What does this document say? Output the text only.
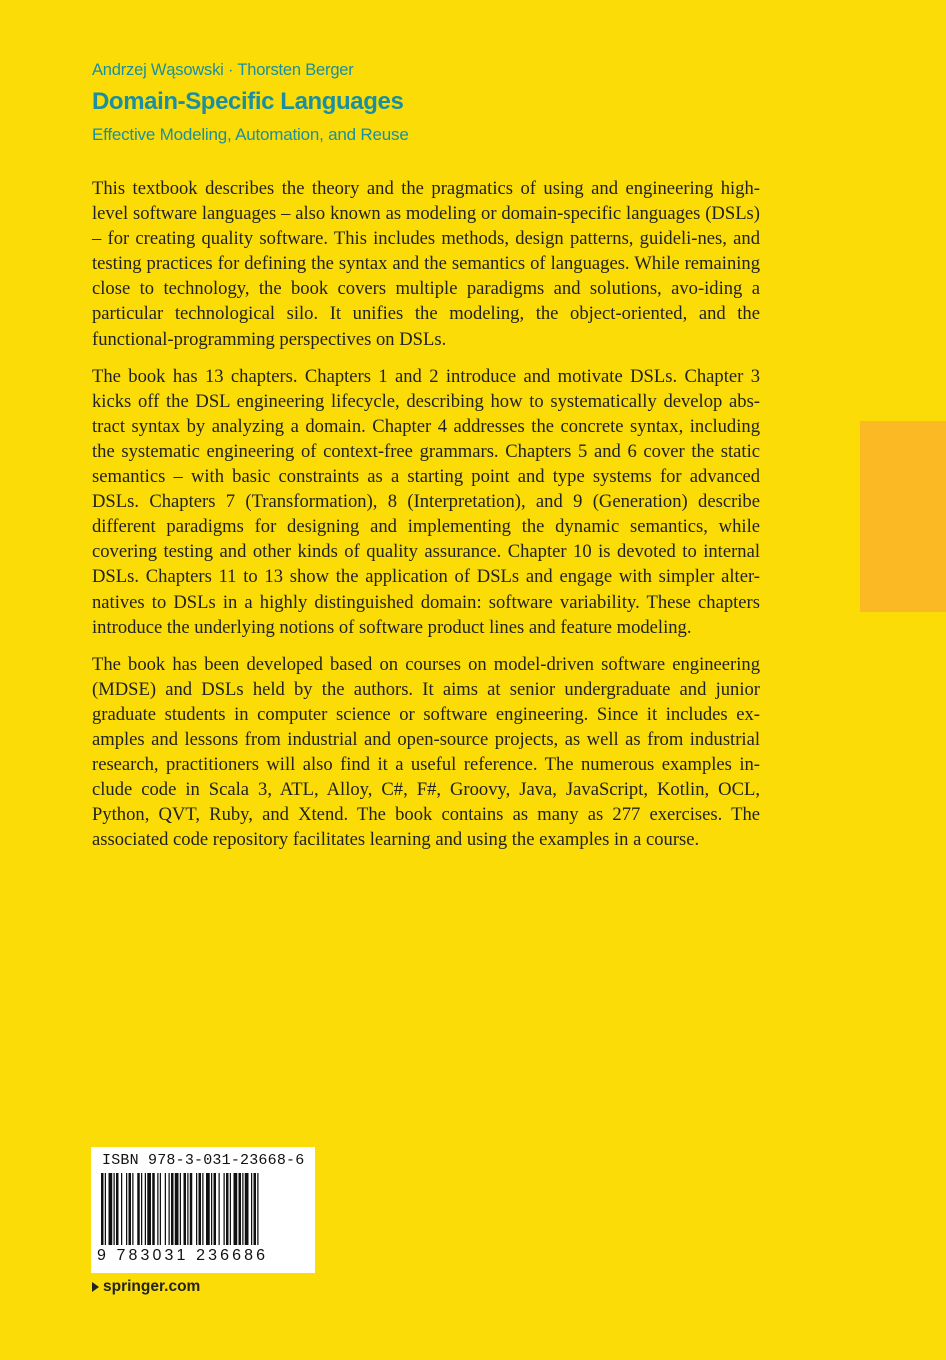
Andrzej Wąsowski · Thorsten Berger
Domain-Specific Languages
Effective Modeling, Automation, and Reuse

This textbook describes the theory and the pragmatics of using and engineering high-level software languages – also known as modeling or domain-specific languages (DSLs) – for creating quality software. This includes methods, design patterns, guideli-nes, and testing practices for defining the syntax and the semantics of languages. While remaining close to technology, the book covers multiple paradigms and solutions, avo-iding a particular technological silo. It unifies the modeling, the object-oriented, and the functional-programming perspectives on DSLs.

The book has 13 chapters. Chapters 1 and 2 introduce and motivate DSLs. Chapter 3 kicks off the DSL engineering lifecycle, describing how to systematically develop abs-tract syntax by analyzing a domain. Chapter 4 addresses the concrete syntax, including the systematic engineering of context-free grammars. Chapters 5 and 6 cover the static semantics – with basic constraints as a starting point and type systems for advanced DSLs. Chapters 7 (Transformation), 8 (Interpretation), and 9 (Generation) describe different paradigms for designing and implementing the dynamic semantics, while covering testing and other kinds of quality assurance. Chapter 10 is devoted to internal DSLs. Chapters 11 to 13 show the application of DSLs and engage with simpler alter-natives to DSLs in a highly distinguished domain: software variability. These chapters introduce the underlying notions of software product lines and feature modeling.

The book has been developed based on courses on model-driven software engineering (MDSE) and DSLs held by the authors. It aims at senior undergraduate and junior graduate students in computer science or software engineering. Since it includes ex-amples and lessons from industrial and open-source projects, as well as from industrial research, practitioners will also find it a useful reference. The numerous examples in-clude code in Scala 3, ATL, Alloy, C#, F#, Groovy, Java, JavaScript, Kotlin, OCL, Python, QVT, Ruby, and Xtend. The book contains as many as 277 exercises. The associated code repository facilitates learning and using the examples in a course.

ISBN 978-3-031-23668-6
9 783031 236686
springer.com
